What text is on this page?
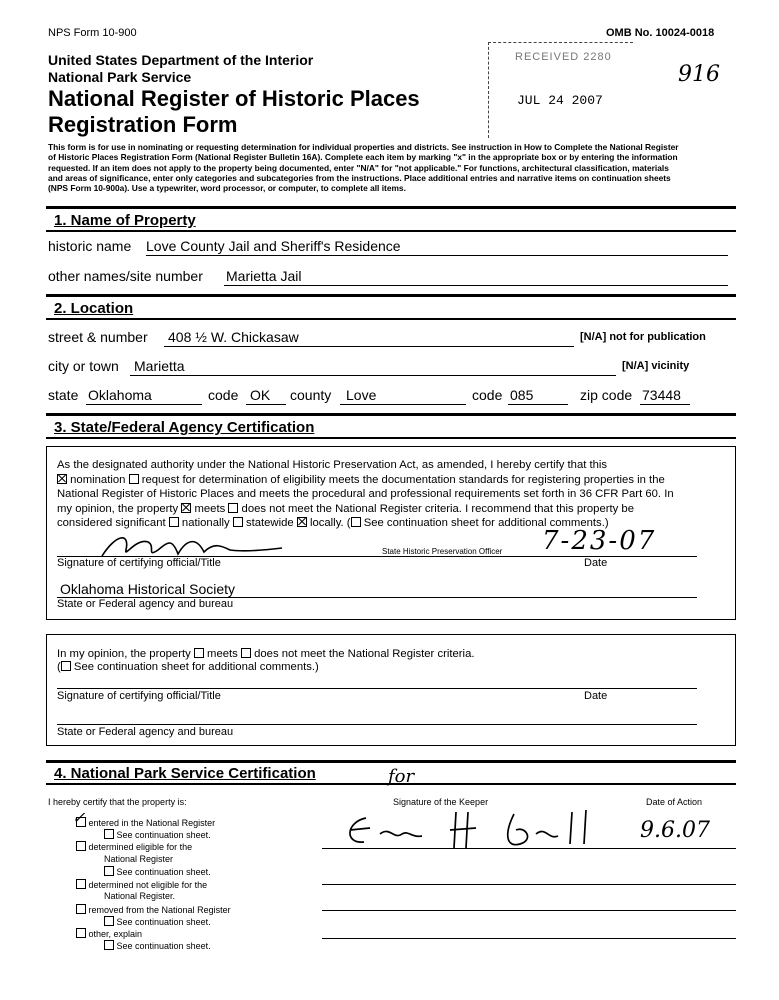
NPS Form 10-900	OMB No. 10024-0018
United States Department of the Interior
National Park Service
National Register of Historic Places
Registration Form
RECEIVED 2280
JUL 24 2007
916
This form is for use in nominating or requesting determination for individual properties and districts. See instruction in How to Complete the National Register
of Historic Places Registration Form (National Register Bulletin 16A). Complete each item by marking "x" in the appropriate box or by entering the information
requested. If an item does not apply to the property being documented, enter "N/A" for "not applicable." For functions, architectural classification, materials
and areas of significance, enter only categories and subcategories from the instructions. Place additional entries and narrative items on continuation sheets
(NPS Form 10-900a). Use a typewriter, word processor, or computer, to complete all items.
1. Name of Property
historic name Love County Jail and Sheriff's Residence
other names/site number Marietta Jail
2. Location
street & number 408 ½ W. Chickasaw	[N/A] not for publication
city or town Marietta	[N/A] vicinity
state Oklahoma	code OK county Love	code 085	zip code 73448
3. State/Federal Agency Certification
As the designated authority under the National Historic Preservation Act, as amended, I hereby certify that this
nomination request for determination of eligibility meets the documentation standards for registering properties in the
National Register of Historic Places and meets the procedural and professional requirements set forth in 36 CFR Part 60. In
my opinion, the property meets does not meet the National Register criteria. I recommend that this property be
considered significant nationally statewide locally. ( See continuation sheet for additional comments.)
Signature of certifying official/Title
State Historic Preservation Officer 7-23-07
Date
Oklahoma Historical Society
State or Federal agency and bureau
In my opinion, the property meets does not meet the National Register criteria.
( See continuation sheet for additional comments.)
Signature of certifying official/Title	Date
State or Federal agency and bureau
4. National Park Service Certification	for
I hereby certify that the property is:	Signature of the Keeper	Date of Action
9.6.07
entered in the National Register
✓
See continuation sheet.
determined eligible for the
National Register
See continuation sheet.
determined not eligible for the
National Register.
removed from the National Register
See continuation sheet.
other, explain
See continuation sheet.
